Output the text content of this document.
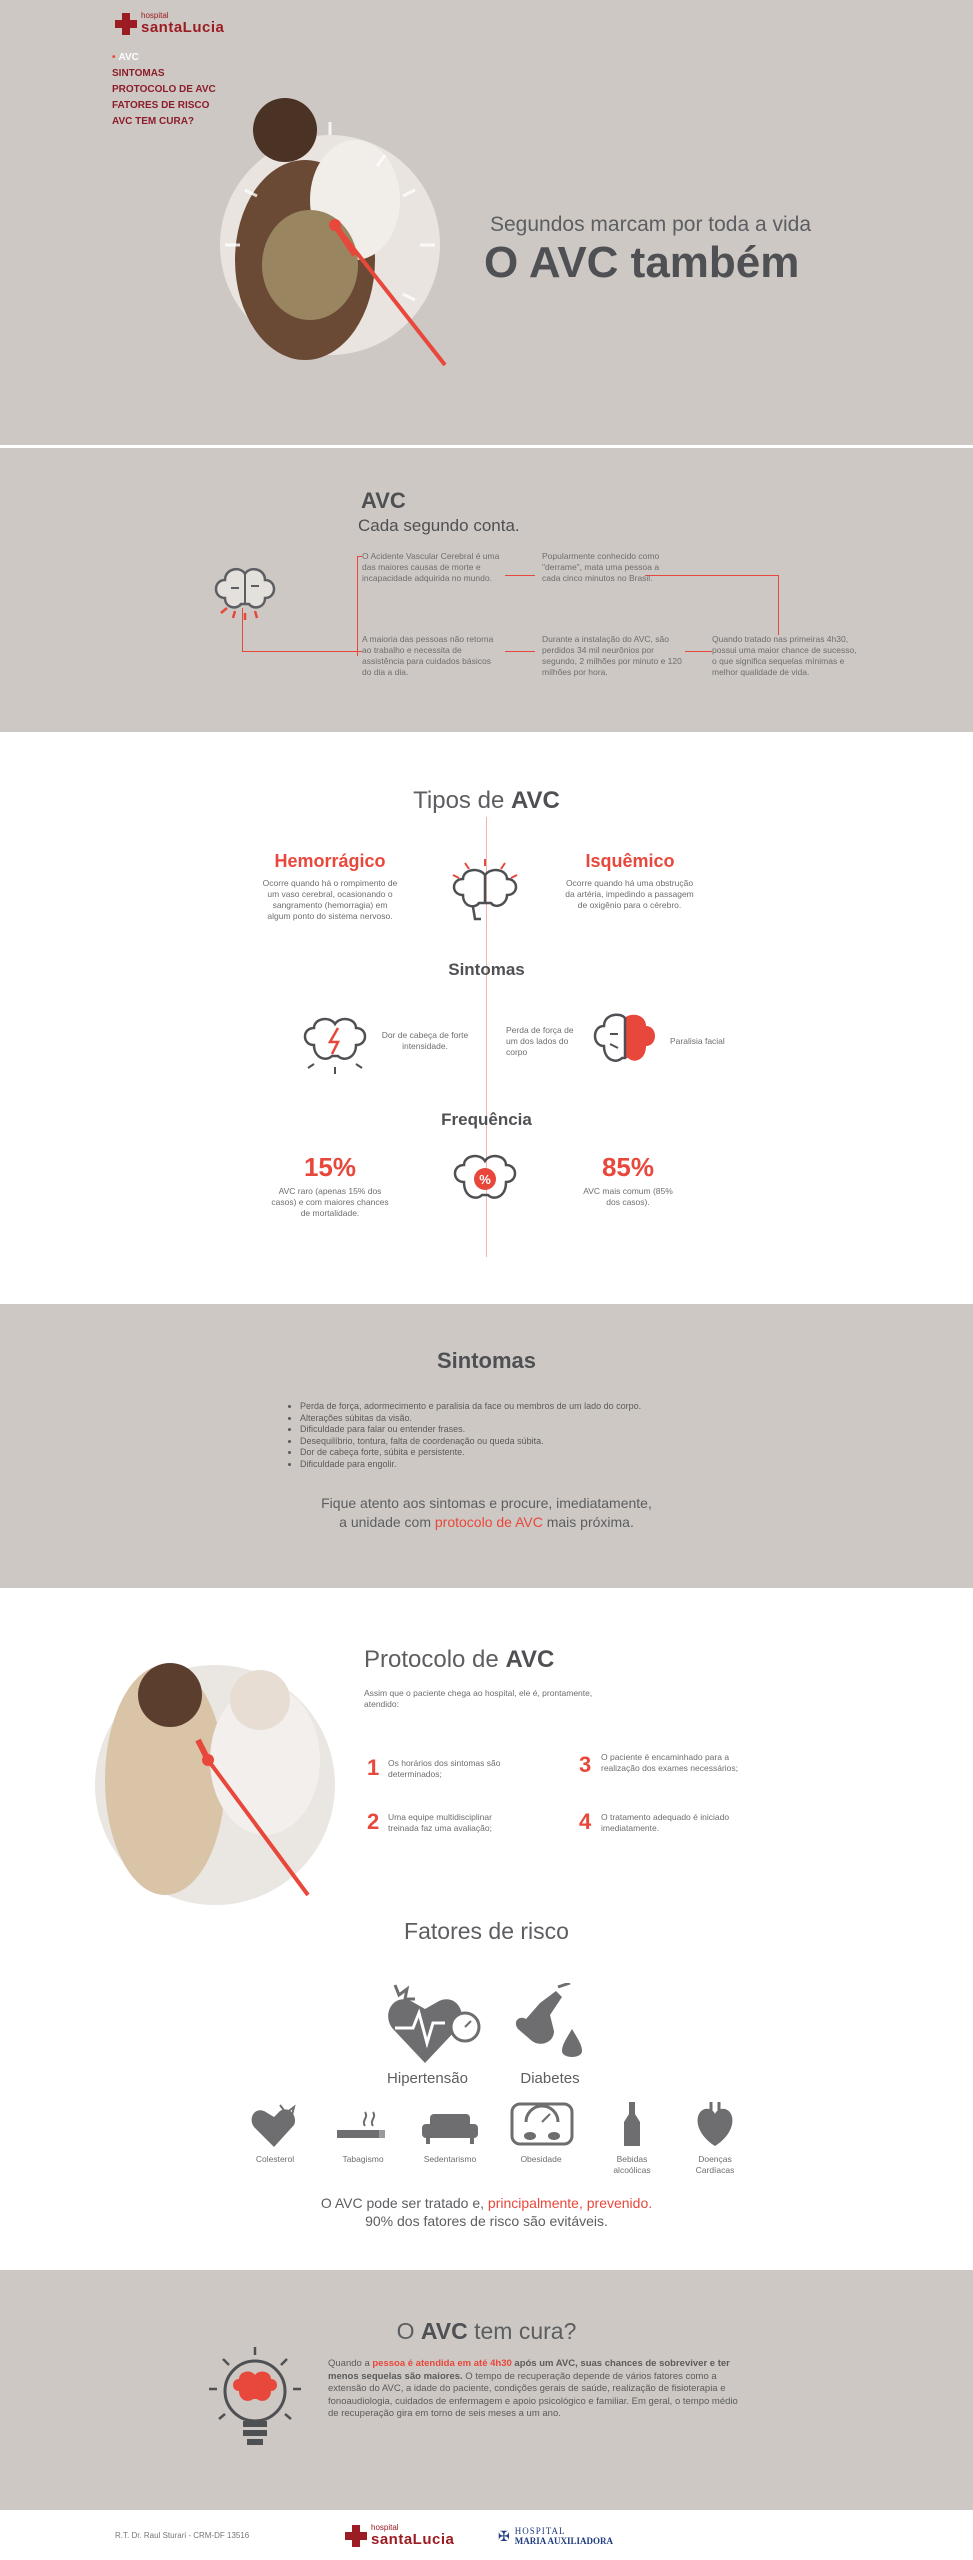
hospital
santaLucia
• AVC
SINTOMAS
PROTOCOLO DE AVC
FATORES DE RISCO
AVC TEM CURA?
Segundos marcam por toda a vida
O AVC também
AVC
Cada segundo conta.
O Acidente Vascular Cerebral é uma das maiores causas de morte e incapacidade adquirida no mundo.
Popularmente conhecido como "derrame", mata uma pessoa a cada cinco minutos no Brasil.
A maioria das pessoas não retorna ao trabalho e necessita de assistência para cuidados básicos do dia a dia.
Durante a instalação do AVC, são perdidos 34 mil neurônios por segundo, 2 milhões por minuto e 120 milhões por hora.
Quando tratado nas primeiras 4h30, possui uma maior chance de sucesso, o que significa sequelas mínimas e melhor qualidade de vida.
Tipos de AVC
Hemorrágico
Ocorre quando há o rompimento de um vaso cerebral, ocasionando o sangramento (hemorragia) em algum ponto do sistema nervoso.
Isquêmico
Ocorre quando há uma obstrução da artéria, impedindo a passagem de oxigênio para o cérebro.
Sintomas
Dor de cabeça de forte intensidade.
Perda de força de um dos lados do corpo
Paralisia facial
Frequência
15%
AVC raro (apenas 15% dos casos) e com maiores chances de mortalidade.
%	85%
AVC mais comum (85% dos casos).
Sintomas
• Perda de força, adormecimento e paralisia da face ou membros de um lado do corpo.
• Alterações súbitas da visão.
• Dificuldade para falar ou entender frases.
• Desequilíbrio, tontura, falta de coordenação ou queda súbita.
• Dor de cabeça forte, súbita e persistente.
• Dificuldade para engolir.
Fique atento aos sintomas e procure, imediatamente,
a unidade com protocolo de AVC mais próxima.
Protocolo de AVC
Assim que o paciente chega ao hospital, ele é, prontamente, atendido:
1 Os horários dos sintomas são determinados;
2 Uma equipe multidisciplinar treinada faz uma avaliação;
3 O paciente é encaminhado para a realização dos exames necessários;
4 O tratamento adequado é iniciado imediatamente.
Fatores de risco
Hipertensão	Diabetes
Colesterol	Tabagismo	Sedentarismo	Obesidade	Bebidas alcoólicas
Doenças Cardíacas
O AVC pode ser tratado e, principalmente, prevenido.
90% dos fatores de risco são evitáveis.
O AVC tem cura?

Quando a pessoa é atendida em até 4h30 após um AVC, suas chances de sobreviver e ter menos sequelas são maiores. O tempo de recuperação depende de vários fatores como a extensão do AVC, a idade do paciente, condições gerais de saúde, realização de fisioterapia e fonoaudiologia, cuidados de enfermagem e apoio psicológico e familiar. Em geral, o tempo médio de recuperação gira em torno de seis meses a um ano.

R.T. Dr. Raul Sturari - CRM-DF 13516
hospital
santaLucia	✠ HOSPITAL
MARIA AUXILIADORA
